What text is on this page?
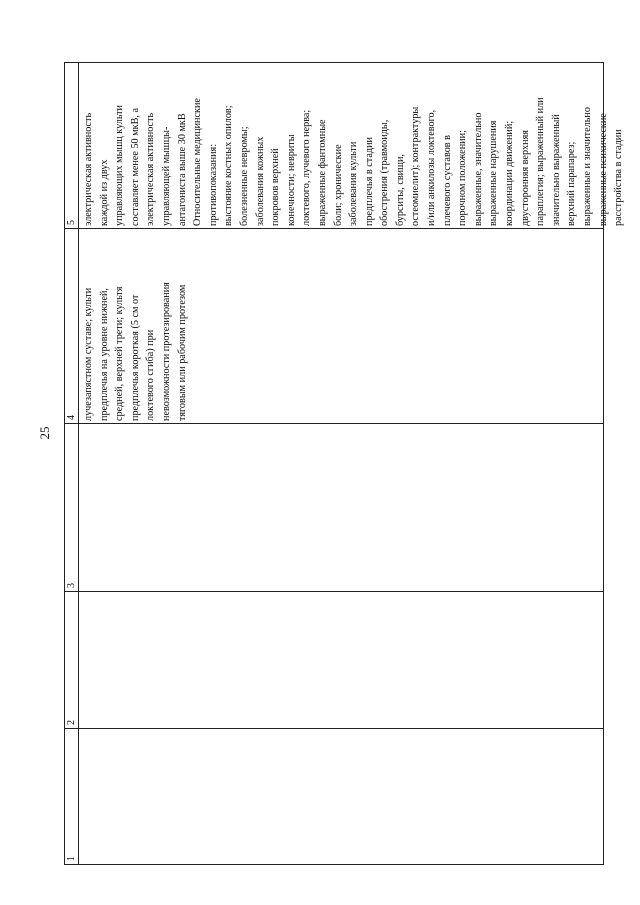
25
1
2
3
4 лучезапястном суставе; культи предплечья на уровне нижней, средней, верхней трети; культя предплечья короткая (5 см от локтевого сгиба) при невозможности протезирования тяговым или рабочим протезом
5 электрическая активность каждой из двух управляющих мышц культи составляет менее 50 мкВ, а электрическая активность управляющей мышцы- антагониста выше 30 мкВ Относительные медицинские противопоказания: выстояние костных опилов; болезненные невромы; заболевания кожных покровов верхней конечности; невриты локтевого, лучевого нерва; выраженные фантомные боли; хронические заболевания культи предплечья в стадии обострения (травмоиды, бурситы, свищи, остеомиелит); контрактуры и/или анкилозы локтевого, плечевого суставов в порочном положении; выраженные, значительно выраженные нарушения координации движений; двусторонняя верхняя параплегия; выраженный или значительно выраженный верхний парапарез; выраженные и значительно выраженные психические расстройства в стадии
